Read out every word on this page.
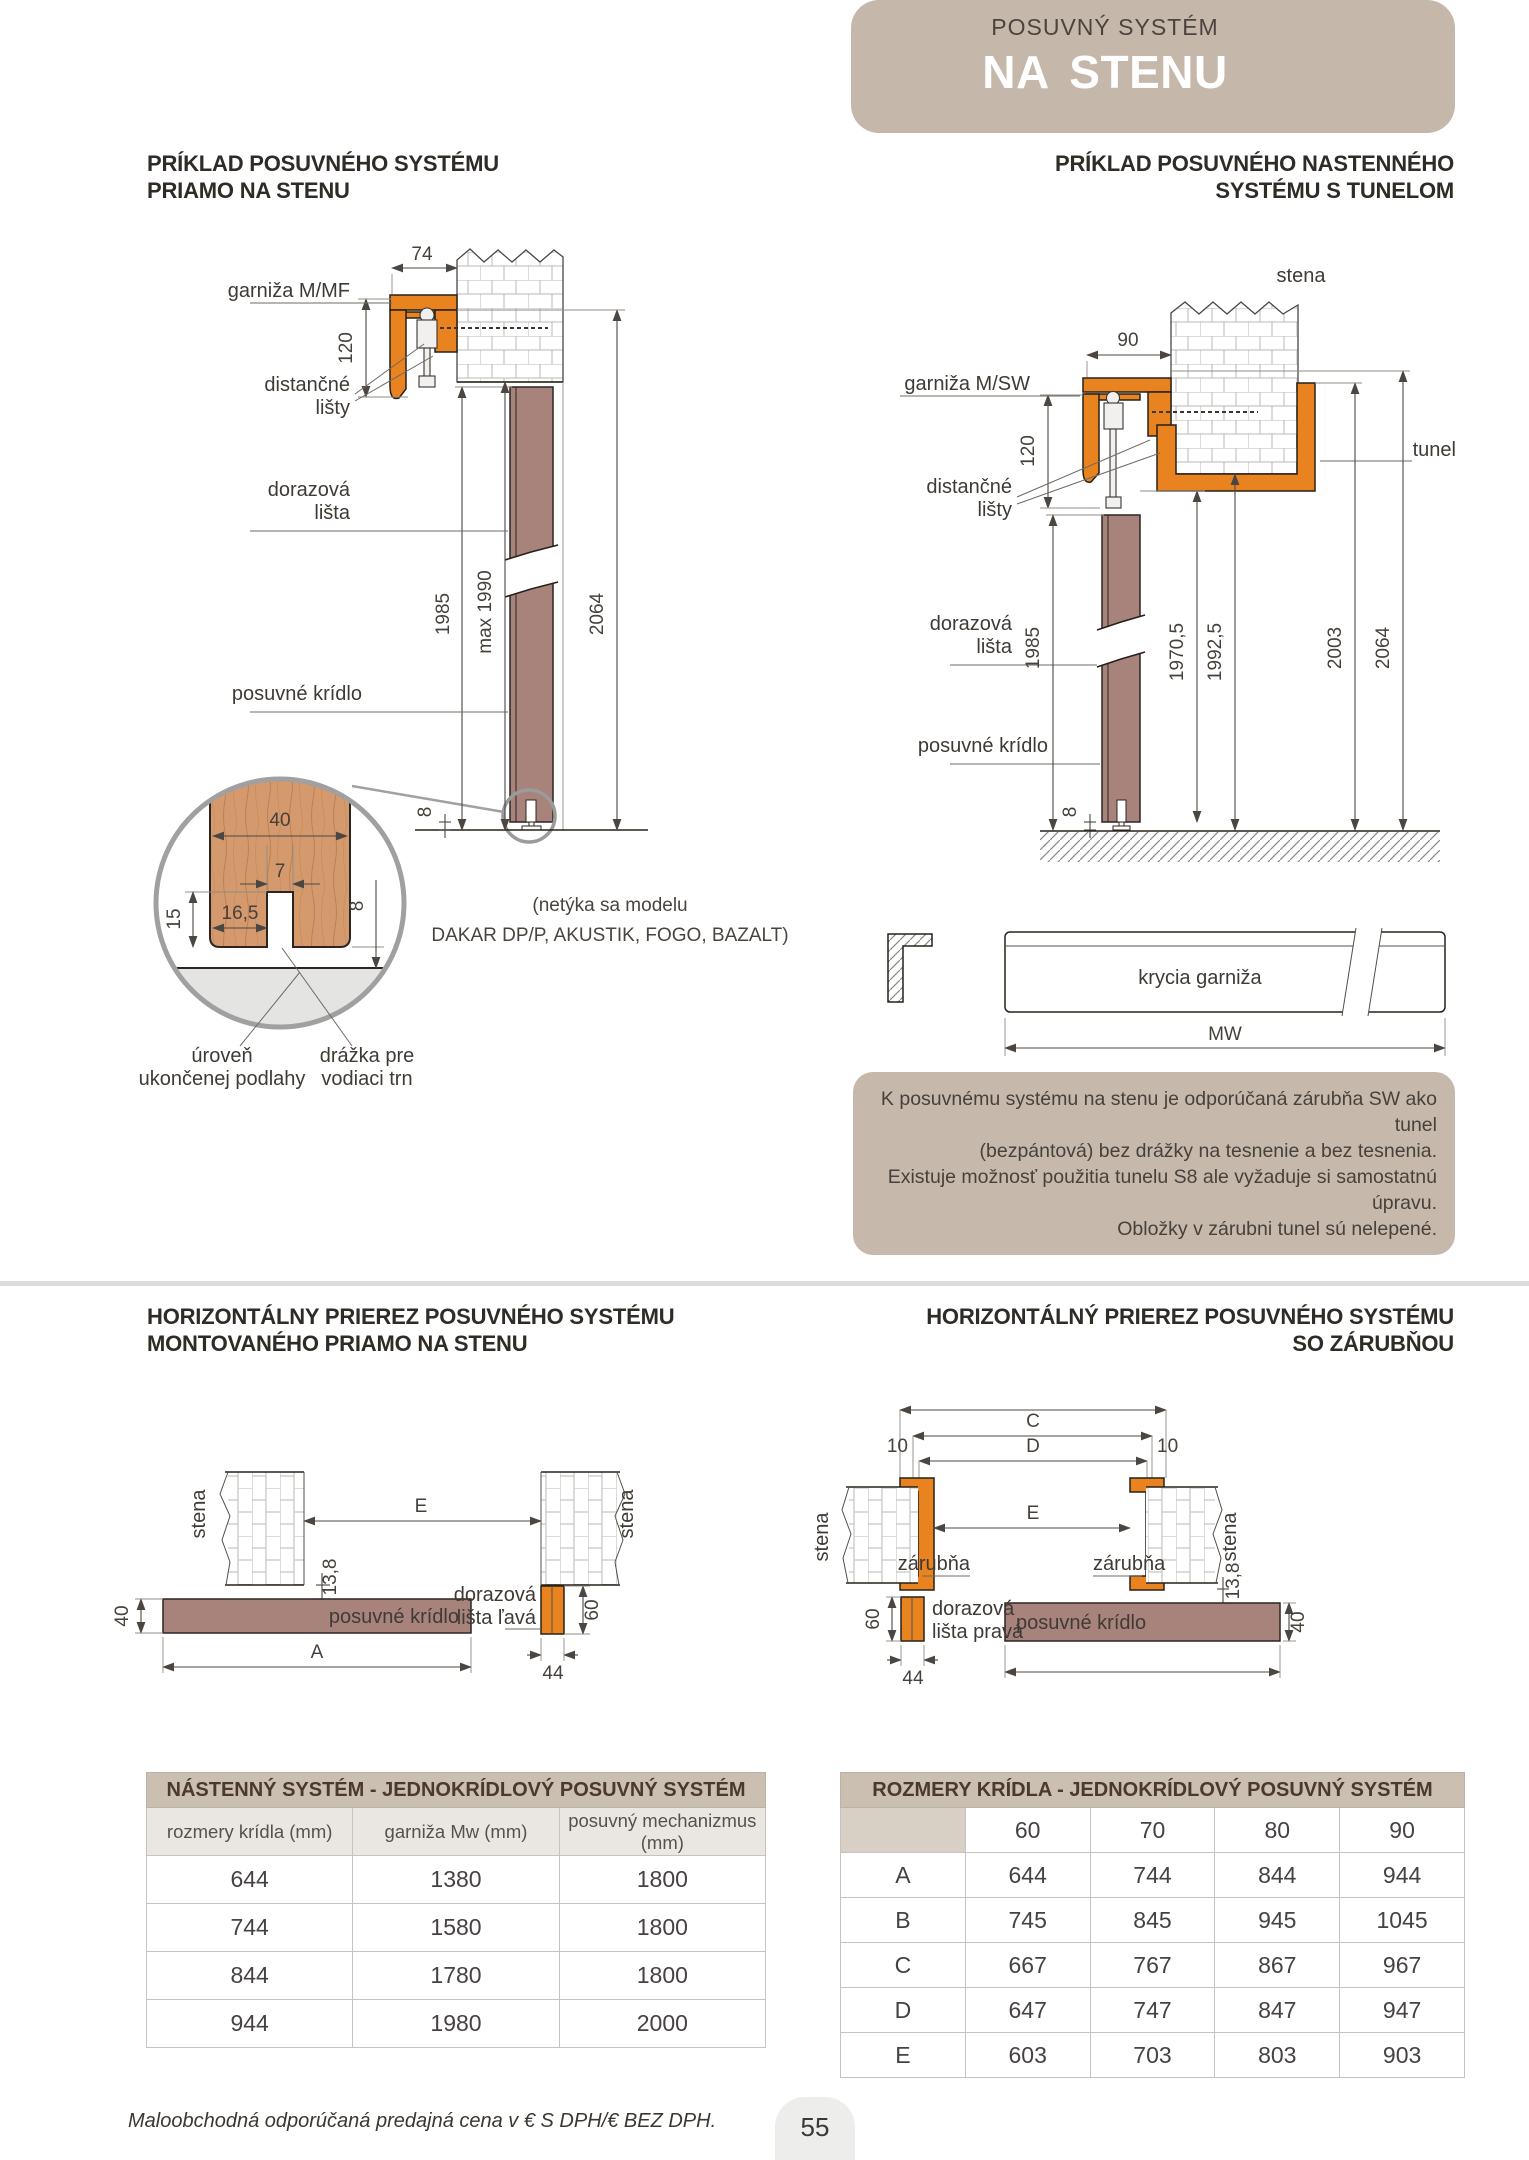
POSUVNÝ SYSTÉM
NA STENU
PRÍKLAD POSUVNÉHO SYSTÉMU
PRIAMO NA STENU
PRÍKLAD POSUVNÉHO NASTENNÉHO
SYSTÉMU S TUNELOM
74
120
1985 max 1990	2064
8
garniža M/MF
distančné
lišty
dorazová
lišta
posuvné krídlo
(netýka sa modelu
DAKAR DP/P, AKUSTIK, FOGO, BAZALT)
40
7
15 16,5	8
úroveň
ukončenej podlahy
drážka pre
vodiaci trn
stena
90
120
garniža M/SW
tunel
distančné
lišty
dorazová
lišta
posuvné krídlo
1985	1970,5 1992,5	2003 2064
8
krycia garniža
MW
stena	stena
E
13,8
posuvné krídlo
40
A
dorazová
lišta ľavá 60
44
C
10	10
D
stena	stena
E
zárubňa	zárubňa	13,8
posuvné krídlo	40
dorazová
lišta pravá
60
44
K posuvnému systému na stenu je odporúčaná zárubňa SW ako tunel
(bezpántová) bez drážky na tesnenie a bez tesnenia.
Existuje možnosť použitia tunelu S8 ale vyžaduje si samostatnú úpravu.
Obložky v zárubni tunel sú nelepené.
HORIZONTÁLNY PRIEREZ POSUVNÉHO SYSTÉMU
MONTOVANÉHO PRIAMO NA STENU
HORIZONTÁLNÝ PRIEREZ POSUVNÉHO SYSTÉMU
SO ZÁRUBŇOU
NÁSTENNÝ SYSTÉM - JEDNOKRÍDLOVÝ POSUVNÝ SYSTÉM		
rozmery krídla (mm)	garniža Mw (mm)	posuvný mechanizmus (mm)
644	1380	1800
744	1580	1800
844	1780	1800
944	1980	2000
ROZMERY KRÍDLA - JEDNOKRÍDLOVÝ POSUVNÝ SYSTÉM				
	60	70	80	90
A	644	744	844	944
B	745	845	945	1045
C	667	767	867	967
D	647	747	847	947
E	603	703	803	903
Maloobchodná odporúčaná predajná cena v € S DPH/€ BEZ DPH.	55
